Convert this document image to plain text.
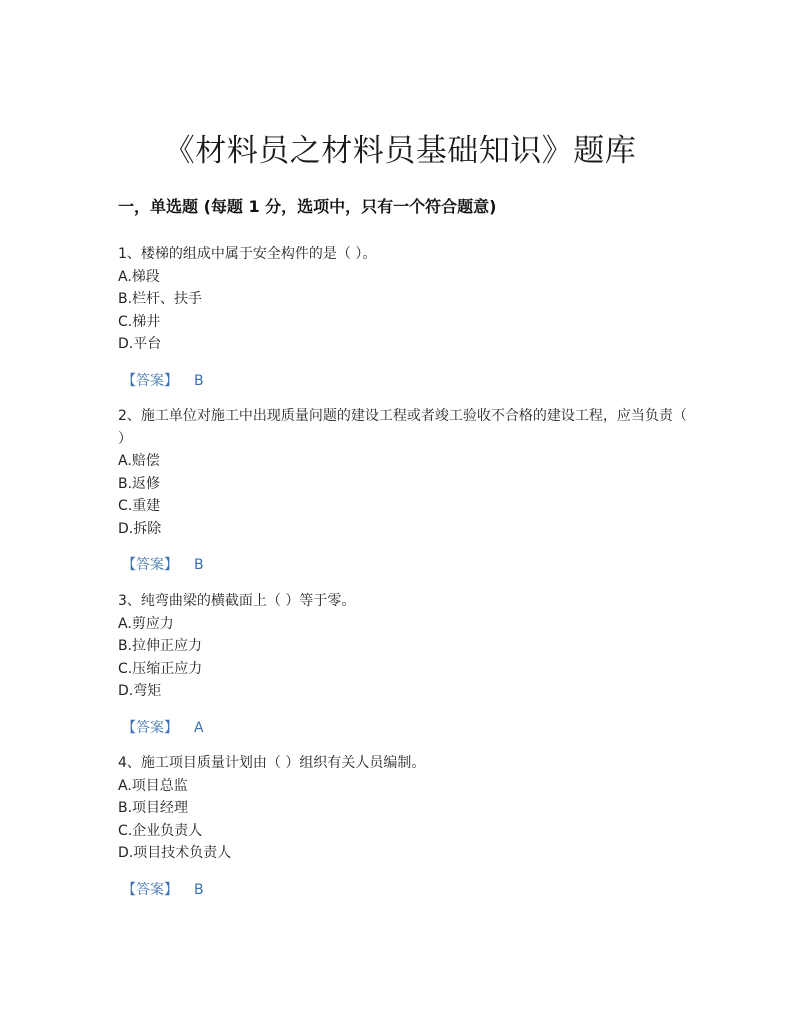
《材料员之材料员基础知识》题库
一，单选题 (每题 1 分，选项中，只有一个符合题意)
1、楼梯的组成中属于安全构件的是（ ）。
A.梯段
B.栏杆、扶手
C.梯井
D.平台
【答案】 B
2、施工单位对施工中出现质量问题的建设工程或者竣工验收不合格的建设工程，应当负责（ ）
A.赔偿
B.返修
C.重建
D.拆除
【答案】 B
3、纯弯曲梁的横截面上（ ）等于零。
A.剪应力
B.拉伸正应力
C.压缩正应力
D.弯矩
【答案】 A
4、施工项目质量计划由（ ）组织有关人员编制。
A.项目总监
B.项目经理
C.企业负责人
D.项目技术负责人
【答案】 B
